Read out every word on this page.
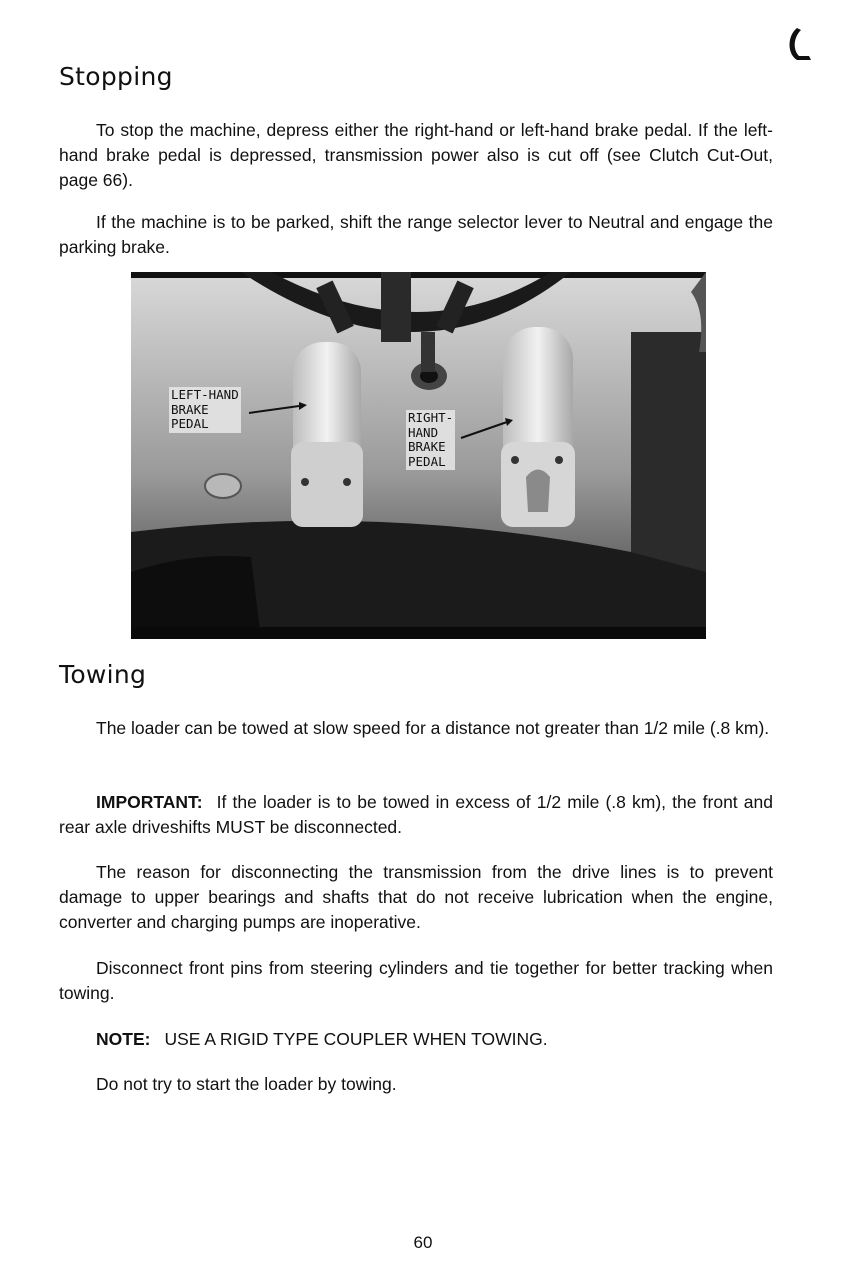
Stopping

To stop the machine, depress either the right-hand or left-hand brake pedal. If the left-hand brake pedal is depressed, transmission power also is cut off (see Clutch Cut-Out, page 66).

If the machine is to be parked, shift the range selector lever to Neutral and engage the parking brake.

LEFT-HAND
BRAKE
PEDAL	RIGHT-
HAND
BRAKE
PEDAL
Towing

The loader can be towed at slow speed for a distance not greater than 1/2 mile (.8 km).

IMPORTANT: If the loader is to be towed in excess of 1/2 mile (.8 km), the front and rear axle driveshifts MUST be disconnected.

The reason for disconnecting the transmission from the drive lines is to prevent damage to upper bearings and shafts that do not receive lubrication when the engine, converter and charging pumps are inoperative.

Disconnect front pins from steering cylinders and tie together for better tracking when towing.

NOTE: USE A RIGID TYPE COUPLER WHEN TOWING.

Do not try to start the loader by towing.

60
